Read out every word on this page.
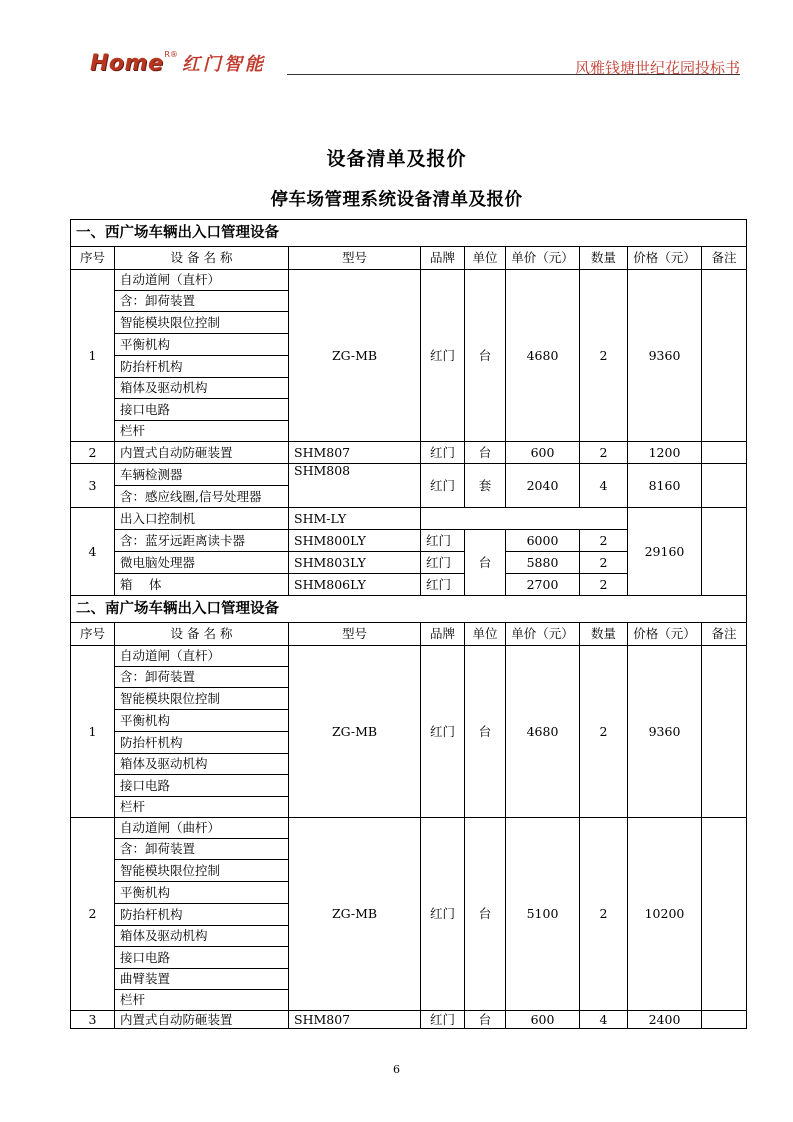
Home$^{R®}$ 红门智能	风雅钱塘世纪花园投标书
设备清单及报价
停车场管理系统设备清单及报价
一、西广场车辆出入口管理设备								
序号	设 备 名 称	型号	品牌	单位	单价（元）	数量	价格（元）	备注
1	自动道闸（直杆）	ZG-MB	红门	台	4680	2	9360	
	含：卸荷装置							
	智能模块限位控制							
	平衡机构							
	防抬杆机构							
	箱体及驱动机构							
	接口电路							
	栏杆							
2	内置式自动防砸装置	SHM807	红门	台	600	2	1200	
3	车辆检测器	SHM808	红门	套	2040	4	8160	
	含：感应线圈,信号处理器							
4	出入口控制机	SHM-LY					29160	
	含：蓝牙远距离读卡器	SHM800LY	红门	台	6000	2		
	微电脑处理器	SHM803LY	红门		5880	2		
	箱　 体	SHM806LY	红门		2700	2		
二、南广场车辆出入口管理设备								
序号	设 备 名 称	型号	品牌	单位	单价（元）	数量	价格（元）	备注
1	自动道闸（直杆）	ZG-MB	红门	台	4680	2	9360	
	含：卸荷装置							
	智能模块限位控制							
	平衡机构							
	防抬杆机构							
	箱体及驱动机构							
	接口电路							
	栏杆							
2	自动道闸（曲杆）	ZG-MB	红门	台	5100	2	10200	
	含：卸荷装置							
	智能模块限位控制							
	平衡机构							
	防抬杆机构							
	箱体及驱动机构							
	接口电路							
	曲臂装置							
	栏杆							
3	内置式自动防砸装置	SHM807	红门	台	600	4	2400	
6
